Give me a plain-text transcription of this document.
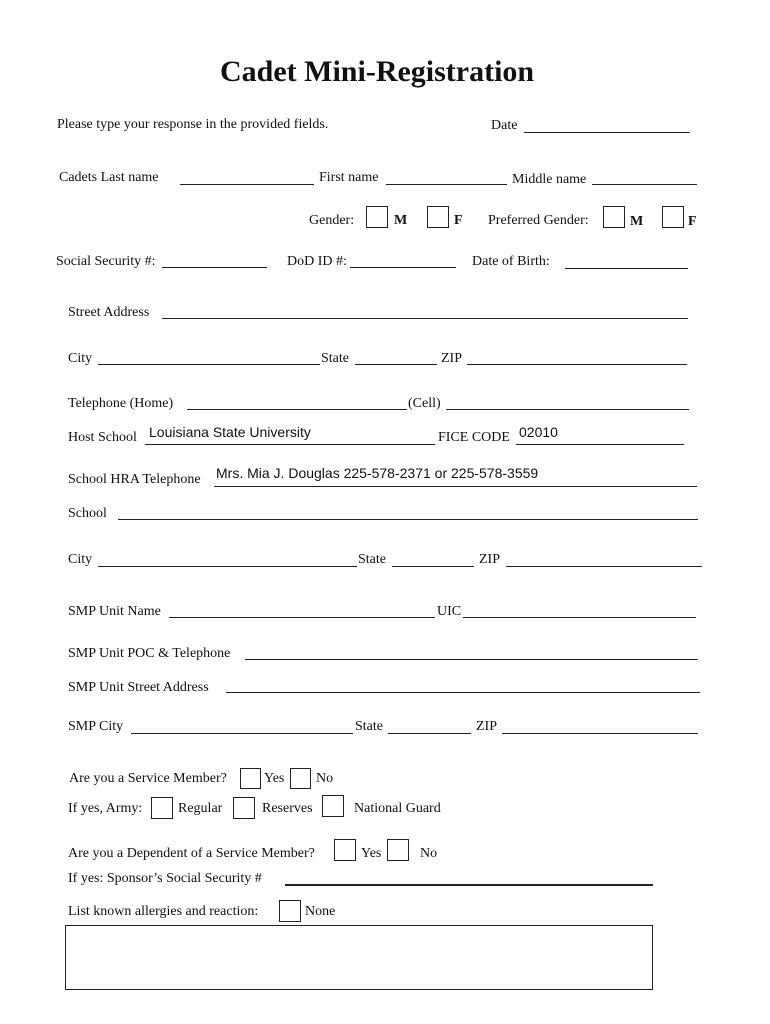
Cadet Mini-Registration
Please type your response in the provided fields.	Date
Cadets Last name	First name	Middle name
Gender:	M	F Preferred Gender:	M	F
Social Security #:	DoD ID #:	Date of Birth:
Street Address
City	State	ZIP
Telephone (Home)	(Cell)
Host School Louisiana State University	FICE CODE 02010
School HRA Telephone Mrs. Mia J. Douglas 225-578-2371 or 225-578-3559
School
City	State	ZIP
SMP Unit Name	UIC
SMP Unit POC & Telephone
SMP Unit Street Address
SMP City	State	ZIP
Are you a Service Member?	Yes No
If yes, Army:	Regular	Reserves	National Guard
Are you a Dependent of a Service Member?	Yes	No
If yes: Sponsor’s Social Security #
List known allergies and reaction:	None
